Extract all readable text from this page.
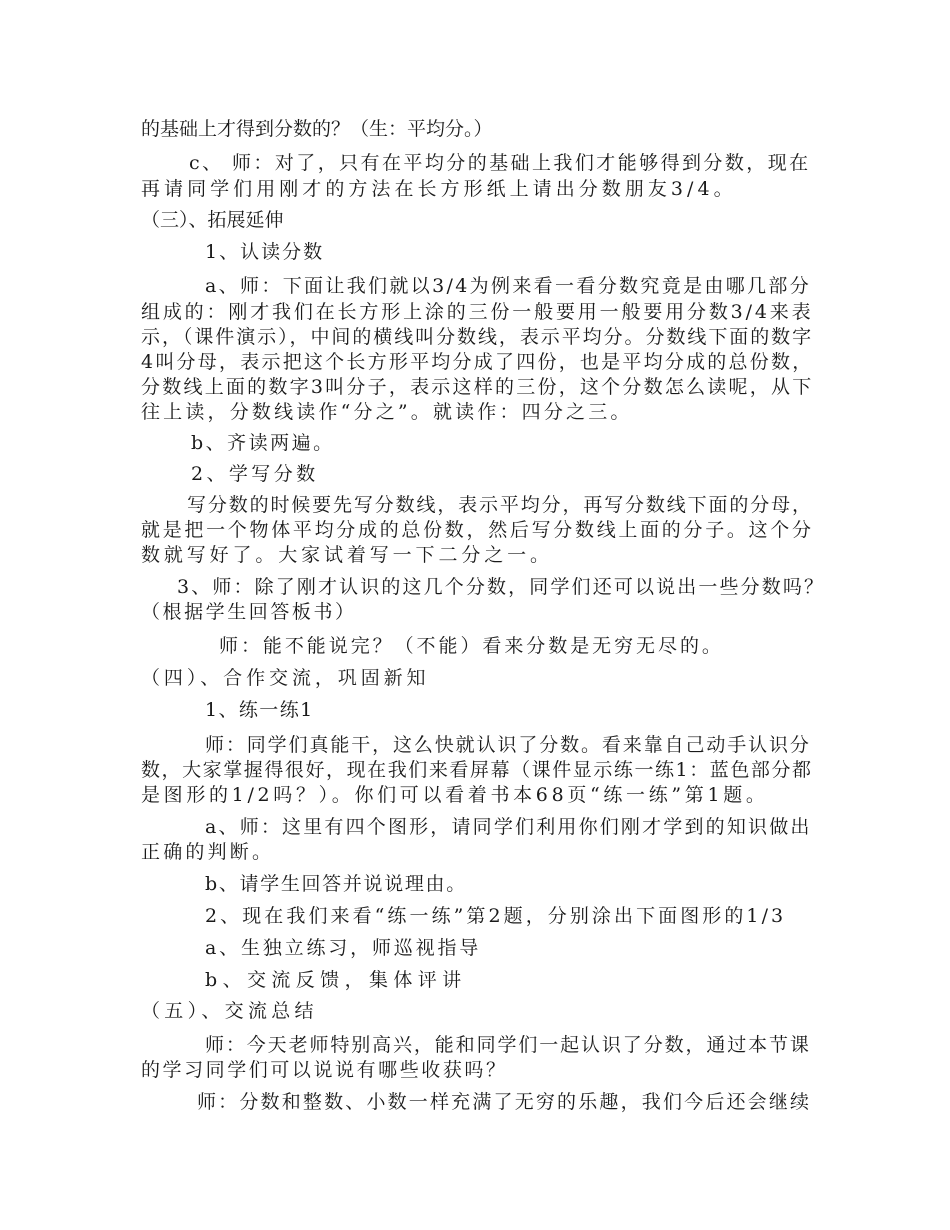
的基础上才得到分数的？（生：平均分。）
c、 师：对了，只有在平均分的基础上我们才能够得到分数，现在
再请同学们用刚才的方法在长方形纸上请出分数朋友3/4。
（三）、拓展延伸
1、认读分数
a、师：下面让我们就以3/4为例来看一看分数究竟是由哪几部分
组成的：刚才我们在长方形上涂的三份一般要用一般要用分数3/4来表
示，（课件演示），中间的横线叫分数线，表示平均分。分数线下面的数字
4叫分母，表示把这个长方形平均分成了四份，也是平均分成的总份数，
分数线上面的数字3叫分子，表示这样的三份，这个分数怎么读呢，从下
往上读，分数线读作“分之”。就读作：四分之三。
b、齐读两遍。
2、学写分数
写分数的时候要先写分数线，表示平均分，再写分数线下面的分母，
就是把一个物体平均分成的总份数，然后写分数线上面的分子。这个分
数就写好了。大家试着写一下二分之一。
3、师：除了刚才认识的这几个分数，同学们还可以说出一些分数吗？
（根据学生回答板书）
师：能不能说完？（不能）看来分数是无穷无尽的。
（四）、合作交流，巩固新知
1、练一练1
师：同学们真能干，这么快就认识了分数。看来靠自己动手认识分
数，大家掌握得很好，现在我们来看屏幕（课件显示练一练1：蓝色部分都
是图形的1/2吗？）。你们可以看着书本68页“练一练”第1题。
a、师：这里有四个图形，请同学们利用你们刚才学到的知识做出
正确的判断。
b、请学生回答并说说理由。
2、现在我们来看“练一练”第2题，分别涂出下面图形的1/3
a、生独立练习，师巡视指导
b、交流反馈，集体评讲
（五）、交流总结
师：今天老师特别高兴，能和同学们一起认识了分数，通过本节课
的学习同学们可以说说有哪些收获吗？
师：分数和整数、小数一样充满了无穷的乐趣，我们今后还会继续
